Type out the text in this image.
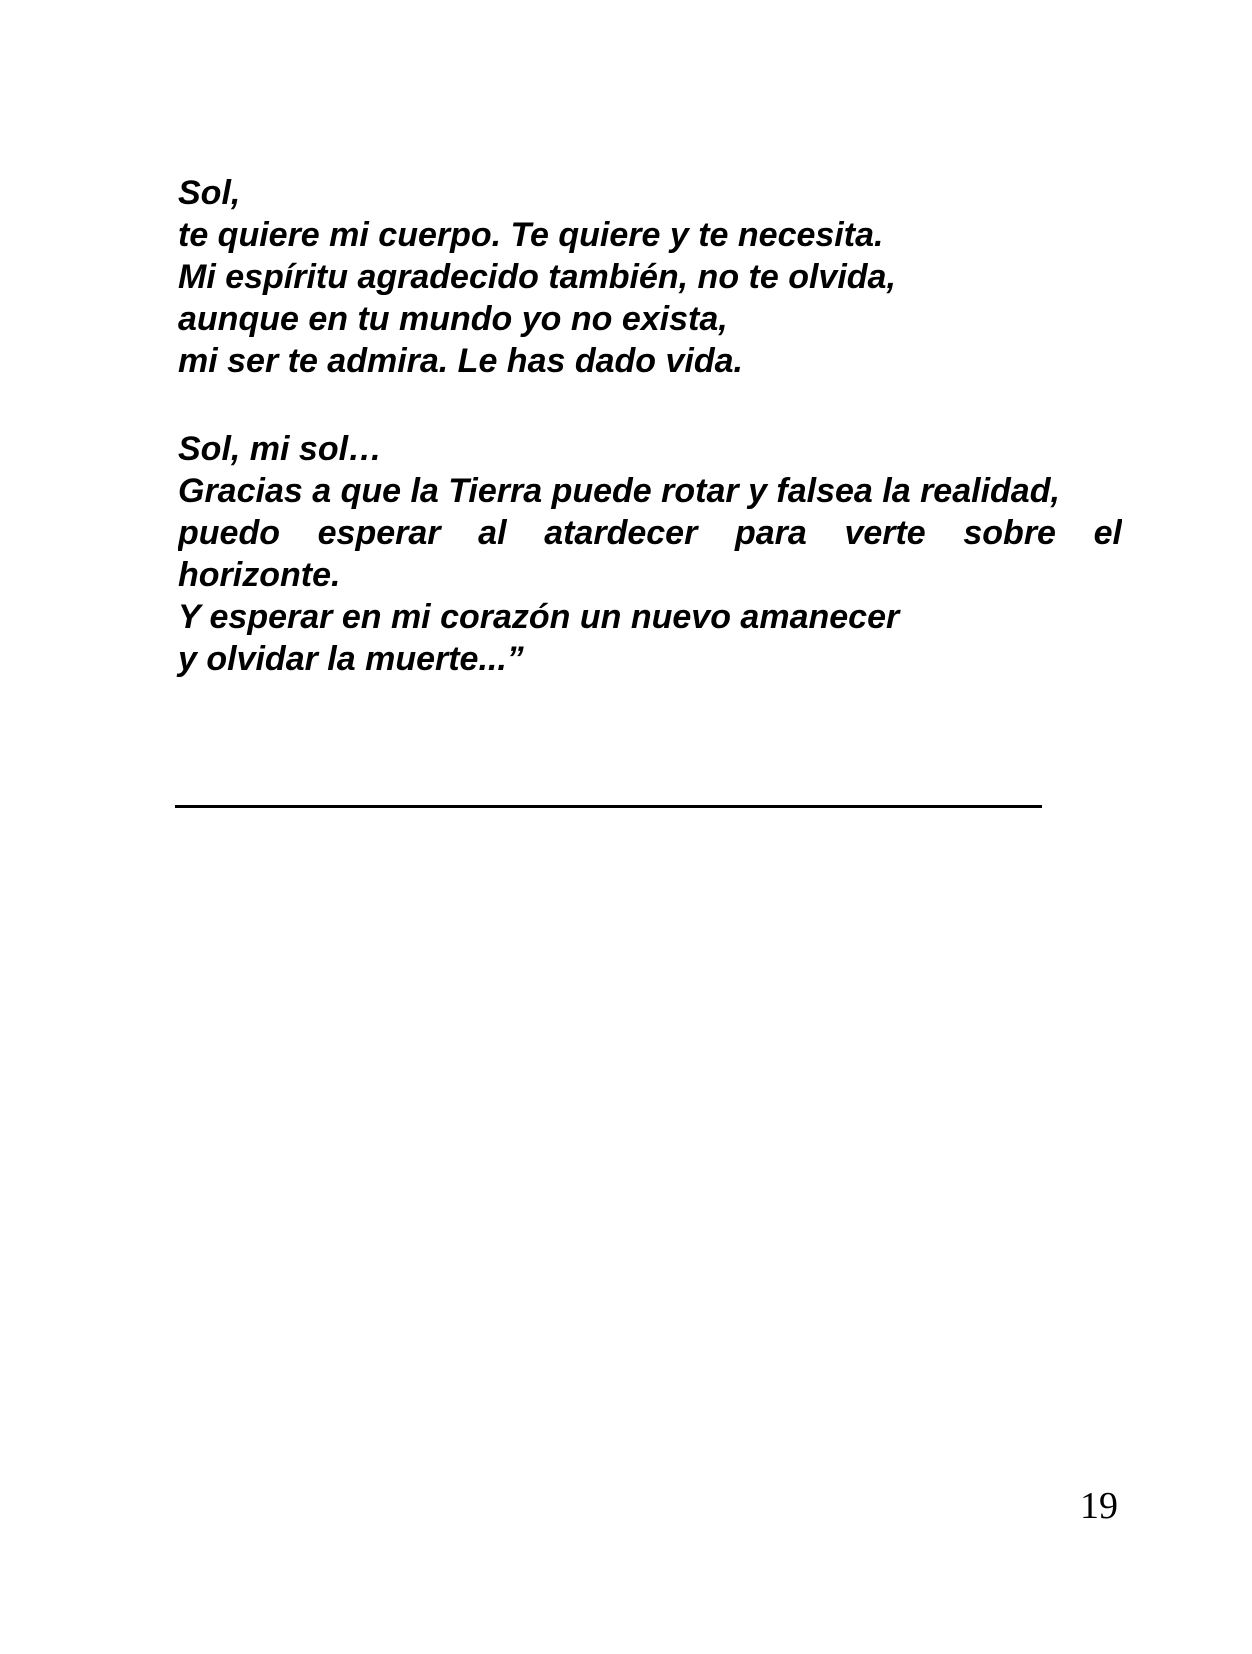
Sol,
te quiere mi cuerpo. Te quiere y te necesita.
Mi espíritu agradecido también, no te olvida,
aunque en tu mundo yo no exista,
mi ser te admira. Le has dado vida.
Sol, mi sol…
Gracias a que la Tierra puede rotar y falsea la realidad,
puedo esperar al atardecer para verte sobre el
horizonte.
Y esperar en mi corazón un nuevo amanecer
y olvidar la muerte...”
19
